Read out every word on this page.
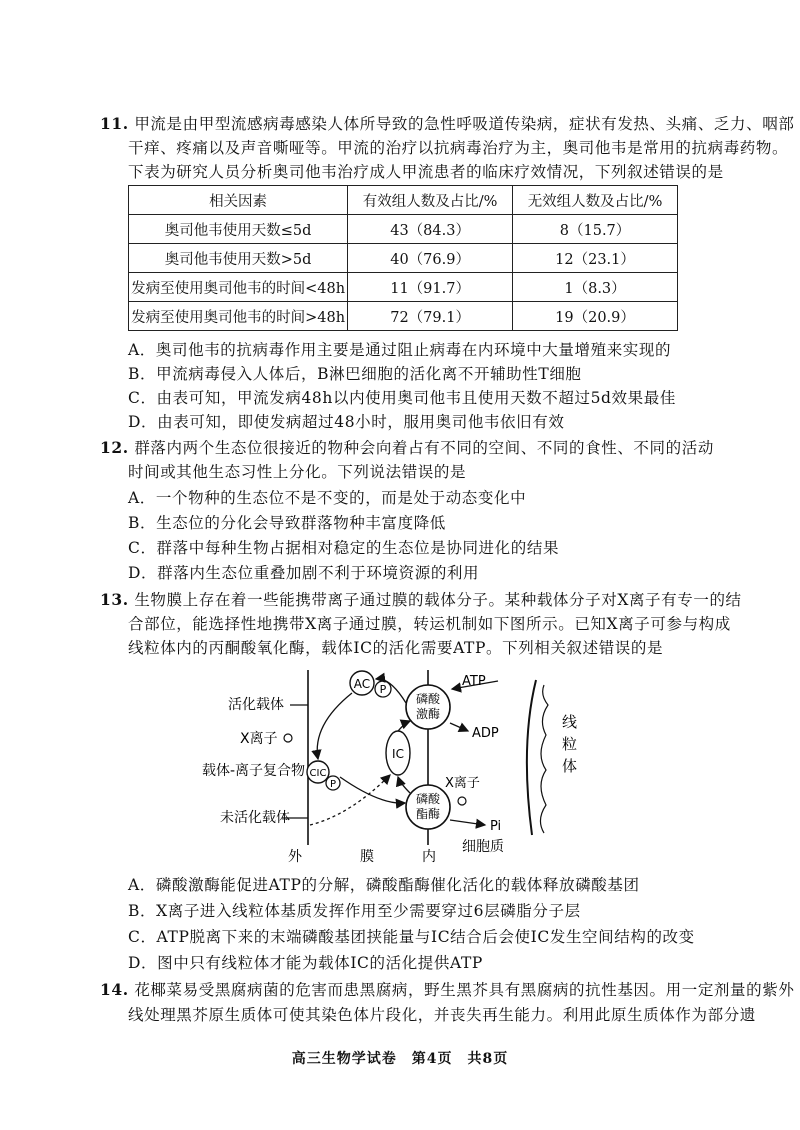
11. 甲流是由甲型流感病毒感染人体所导致的急性呼吸道传染病，症状有发热、头痛、乏力、咽部
干痒、疼痛以及声音嘶哑等。甲流的治疗以抗病毒治疗为主，奥司他韦是常用的抗病毒药物。
下表为研究人员分析奥司他韦治疗成人甲流患者的临床疗效情况，下列叙述错误的是
相关因素	有效组人数及占比/%	无效组人数及占比/%
奥司他韦使用天数≤5d	43（84.3）	8（15.7）
奥司他韦使用天数>5d	40（76.9）	12（23.1）
发病至使用奥司他韦的时间<48h	11（91.7）	1（8.3）
发病至使用奥司他韦的时间>48h	72（79.1）	19（20.9）
A．奥司他韦的抗病毒作用主要是通过阻止病毒在内环境中大量增殖来实现的
B．甲流病毒侵入人体后，B淋巴细胞的活化离不开辅助性T细胞
C．由表可知，甲流发病48h以内使用奥司他韦且使用天数不超过5d效果最佳
D．由表可知，即使发病超过48小时，服用奥司他韦依旧有效
12. 群落内两个生态位很接近的物种会向着占有不同的空间、不同的食性、不同的活动
时间或其他生态习性上分化。下列说法错误的是
A．一个物种的生态位不是不变的，而是处于动态变化中
B．生态位的分化会导致群落物种丰富度降低
C．群落中每种生物占据相对稳定的生态位是协同进化的结果
D．群落内生态位重叠加剧不利于环境资源的利用
13. 生物膜上存在着一些能携带离子通过膜的载体分子。某种载体分子对X离子有专一的结
合部位，能选择性地携带X离子通过膜，转运机制如下图所示。已知X离子可参与构成
线粒体内的丙酮酸氧化酶，载体IC的活化需要ATP。下列相关叙述错误的是
活化载体
X离子
载体-离子复合物
未活化载体
AC P
CIC
P
IC
磷酸
激酶
磷酸
酯酶
ATP
ADP
Pi
X离子
线
粒
体
外	膜	内
细胞质
A．磷酸激酶能促进ATP的分解，磷酸酯酶催化活化的载体释放磷酸基团
B．X离子进入线粒体基质发挥作用至少需要穿过6层磷脂分子层
C．ATP脱离下来的末端磷酸基团挟能量与IC结合后会使IC发生空间结构的改变
D．图中只有线粒体才能为载体IC的活化提供ATP
14. 花椰菜易受黑腐病菌的危害而患黑腐病，野生黑芥具有黑腐病的抗性基因。用一定剂量的紫外
线处理黑芥原生质体可使其染色体片段化，并丧失再生能力。利用此原生质体作为部分遗
高三生物学试卷　第4页　共8页
